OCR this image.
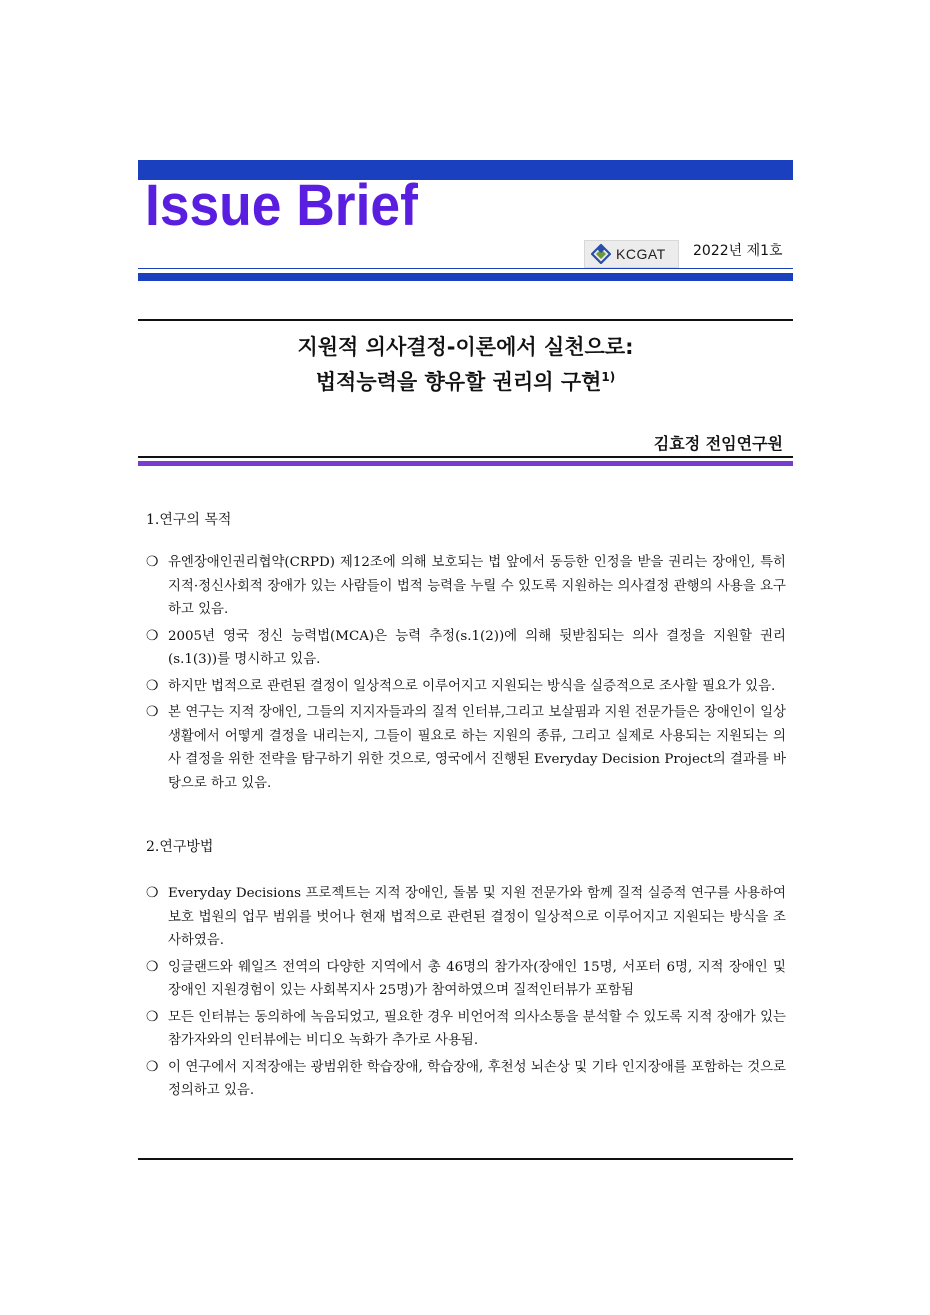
Issue Brief
KCGAT 2022년 제1호
지원적 의사결정-이론에서 실천으로:
법적능력을 향유할 권리의 구현$^{1)}$
김효정 전임연구원
1.연구의 목적
❍ 유엔장애인권리협약(CRPD) 제12조에 의해 보호되는 법 앞에서 동등한 인정을 받을 권리는 장애인, 특히 지적·정신사회적 장애가 있는 사람들이 법적 능력을 누릴 수 있도록 지원하는 의사결정 관행의 사용을 요구하고 있음.
❍ 2005년 영국 정신 능력법(MCA)은 능력 추정(s.1(2))에 의해 뒷받침되는 의사 결정을 지원할 권리(s.1(3))를 명시하고 있음.
❍ 하지만 법적으로 관련된 결정이 일상적으로 이루어지고 지원되는 방식을 실증적으로 조사할 필요가 있음.
❍ 본 연구는 지적 장애인, 그들의 지지자들과의 질적 인터뷰,그리고 보살핌과 지원 전문가들은 장애인이 일상 생활에서 어떻게 결정을 내리는지, 그들이 필요로 하는 지원의 종류, 그리고 실제로 사용되는 지원되는 의사 결정을 위한 전략을 탐구하기 위한 것으로, 영국에서 진행된 Everyday Decision Project의 결과를 바탕으로 하고 있음.
2.연구방법
❍ Everyday Decisions 프로젝트는 지적 장애인, 돌봄 및 지원 전문가와 함께 질적 실증적 연구를 사용하여 보호 법원의 업무 범위를 벗어나 현재 법적으로 관련된 결정이 일상적으로 이루어지고 지원되는 방식을 조사하였음.
❍ 잉글랜드와 웨일즈 전역의 다양한 지역에서 총 46명의 참가자(장애인 15명, 서포터 6명, 지적 장애인 및 장애인 지원경험이 있는 사회복지사 25명)가 참여하였으며 질적인터뷰가 포함됨
❍ 모든 인터뷰는 동의하에 녹음되었고, 필요한 경우 비언어적 의사소통을 분석할 수 있도록 지적 장애가 있는 참가자와의 인터뷰에는 비디오 녹화가 추가로 사용됨.
❍ 이 연구에서 지적장애는 광범위한 학습장애, 학습장애, 후천성 뇌손상 및 기타 인지장애를 포함하는 것으로 정의하고 있음.
